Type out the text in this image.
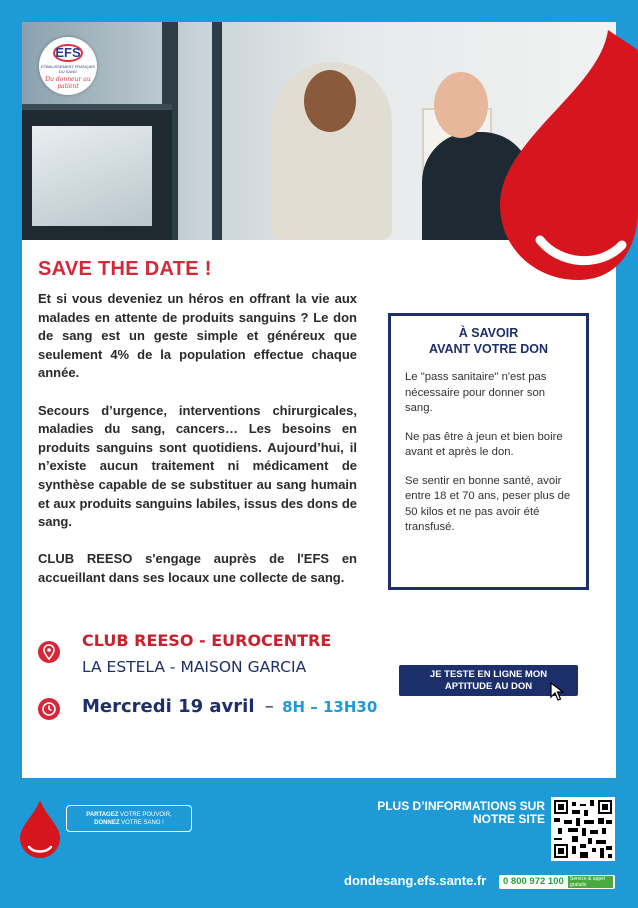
EFS
ETABLISSEMENT FRANÇAIS DU SANG
Du donneur au patient
SAVE THE DATE !

Et si vous deveniez un héros en offrant la vie aux malades en attente de produits sanguins ? Le don de sang est un geste simple et généreux que seulement 4% de la population effectue chaque année.

Secours d’urgence, interventions chirurgicales, maladies du sang, cancers… Les besoins en produits sanguins sont quotidiens. Aujourd’hui, il n’existe aucun traitement ni médicament de synthèse capable de se substituer au sang humain et aux produits sanguins labiles, issus des dons de sang.

CLUB REESO s'engage auprès de l'EFS en accueillant dans ses locaux une collecte de sang.

À SAVOIR
AVANT VOTRE DON

Le "pass sanitaire" n'est pas nécessaire pour donner son sang.

Ne pas être à jeun et bien boire avant et après le don.

Se sentir en bonne santé, avoir entre 18 et 70 ans, peser plus de 50 kilos et ne pas avoir été transfusé.

CLUB REESO - EUROCENTRE
LA ESTELA - MAISON GARCIA
Mercredi 19 avril – 8H – 13H30
JE TESTE EN LIGNE MON
APTITUDE AU DON
PARTAGEZ VOTRE POUVOIR,
DONNEZ VOTRE SANG !
PLUS D’INFORMATIONS SUR
NOTRE SITE
dondesang.efs.sante.fr 0 800 972 100	Service & appel gratuits
